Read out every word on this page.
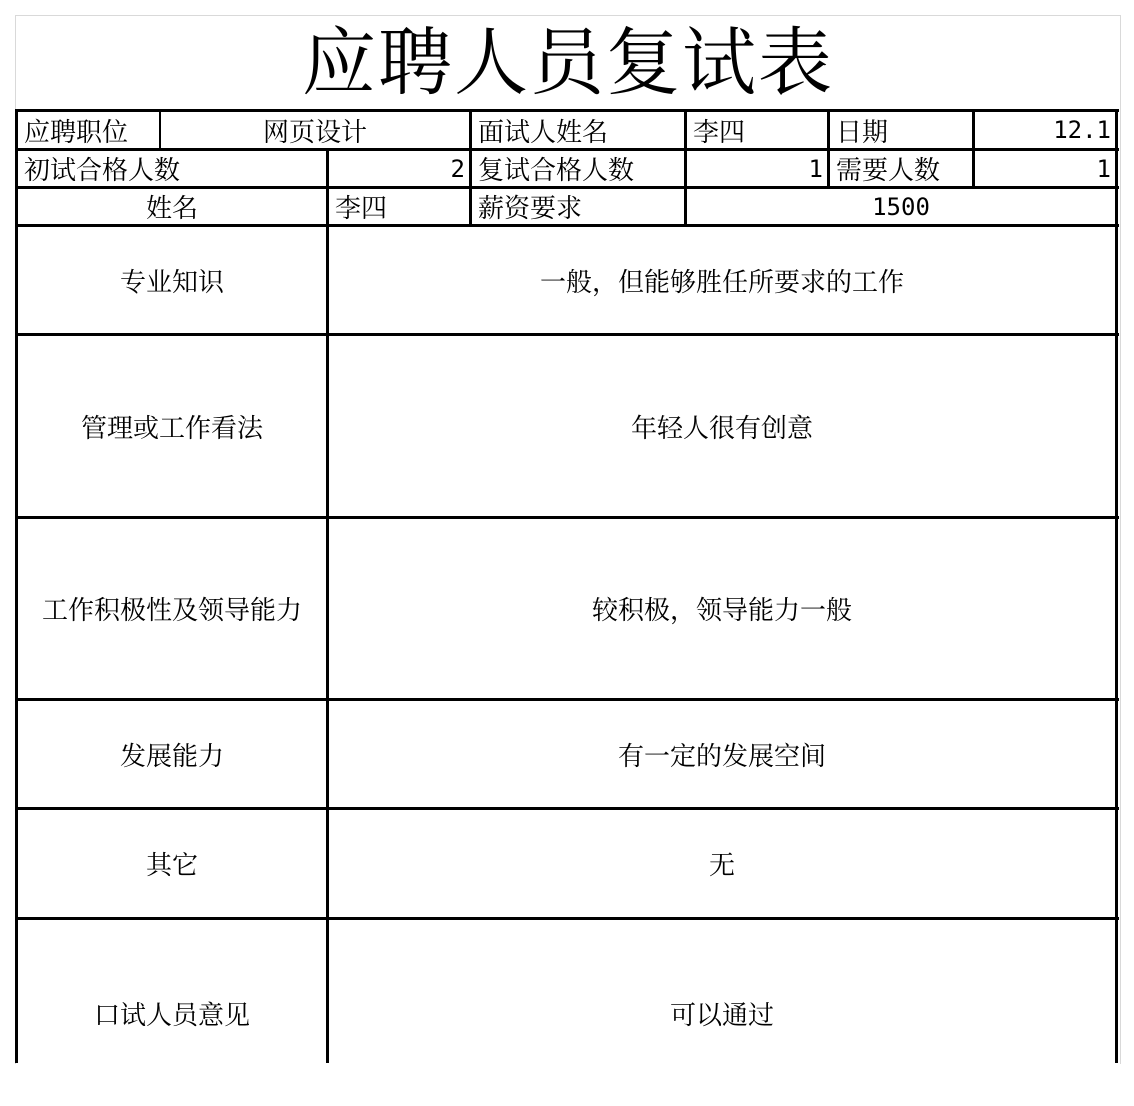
应聘人员复试表
应聘职位	网页设计	面试人姓名	李四	日期	12.1
初试合格人数	2 复试合格人数	1 需要人数	1
姓名	李四	薪资要求	1500
专业知识	一般，但能够胜任所要求的工作
管理或工作看法	年轻人很有创意
工作积极性及领导能力	较积极，领导能力一般
发展能力	有一定的发展空间
其它	无
口试人员意见	可以通过
